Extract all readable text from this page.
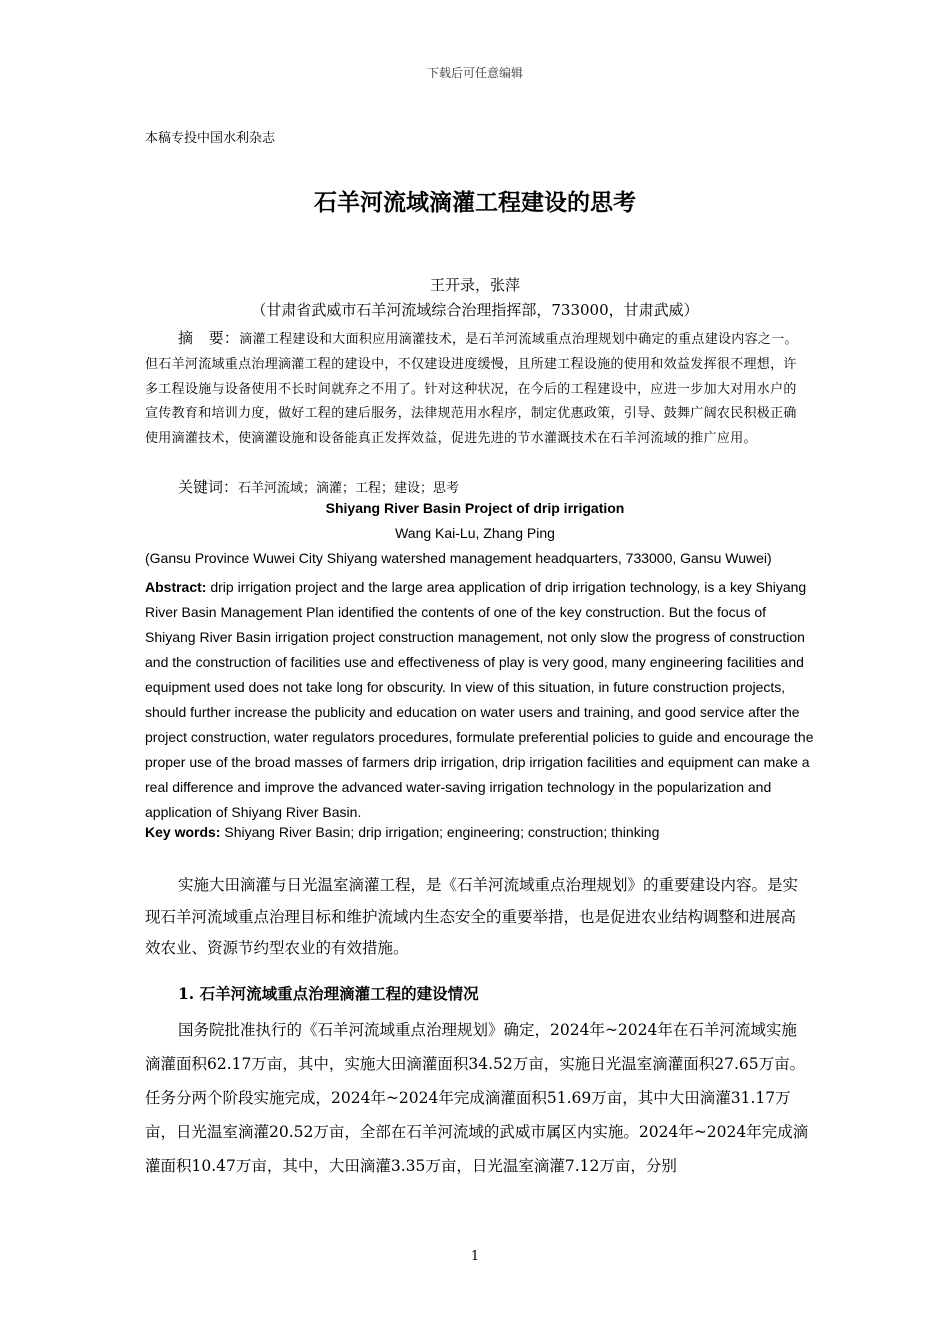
下载后可任意编辑
本稿专投中国水利杂志
石羊河流域滴灌工程建设的思考
王开录，张萍
（甘肃省武威市石羊河流域综合治理指挥部，733000，甘肃武威）
摘　要：滴灌工程建设和大面积应用滴灌技术，是石羊河流域重点治理规划中确定的重点建设内容之一。但石羊河流域重点治理滴灌工程的建设中，不仅建设进度缓慢，且所建工程设施的使用和效益发挥很不理想，许多工程设施与设备使用不长时间就弃之不用了。针对这种状况，在今后的工程建设中，应进一步加大对用水户的宣传教育和培训力度，做好工程的建后服务，法律规范用水程序，制定优惠政策，引导、鼓舞广阔农民积极正确使用滴灌技术，使滴灌设施和设备能真正发挥效益，促进先进的节水灌溉技术在石羊河流域的推广应用。
关键词：石羊河流域；滴灌；工程；建设；思考
Shiyang River Basin Project of drip irrigation
Wang Kai-Lu, Zhang Ping
(Gansu Province Wuwei City Shiyang watershed management headquarters, 733000, Gansu Wuwei)
Abstract: drip irrigation project and the large area application of drip irrigation technology, is a key Shiyang River Basin Management Plan identified the contents of one of the key construction. But the focus of Shiyang River Basin irrigation project construction management, not only slow the progress of construction and the construction of facilities use and effectiveness of play is very good, many engineering facilities and equipment used does not take long for obscurity. In view of this situation, in future construction projects, should further increase the publicity and education on water users and training, and good service after the project construction, water regulators procedures, formulate preferential policies to guide and encourage the proper use of the broad masses of farmers drip irrigation, drip irrigation facilities and equipment can make a real difference and improve the advanced water-saving irrigation technology in the popularization and application of Shiyang River Basin.
Key words: Shiyang River Basin; drip irrigation; engineering; construction; thinking
实施大田滴灌与日光温室滴灌工程，是《石羊河流域重点治理规划》的重要建设内容。是实现石羊河流域重点治理目标和维护流域内生态安全的重要举措，也是促进农业结构调整和进展高效农业、资源节约型农业的有效措施。
1. 石羊河流域重点治理滴灌工程的建设情况
国务院批准执行的《石羊河流域重点治理规划》确定，2024年~2024年在石羊河流域实施滴灌面积62.17万亩，其中，实施大田滴灌面积34.52万亩，实施日光温室滴灌面积27.65万亩。任务分两个阶段实施完成，2024年~2024年完成滴灌面积51.69万亩，其中大田滴灌31.17万亩，日光温室滴灌20.52万亩，全部在石羊河流域的武威市属区内实施。2024年~2024年完成滴灌面积10.47万亩，其中，大田滴灌3.35万亩，日光温室滴灌7.12万亩，分别
1
